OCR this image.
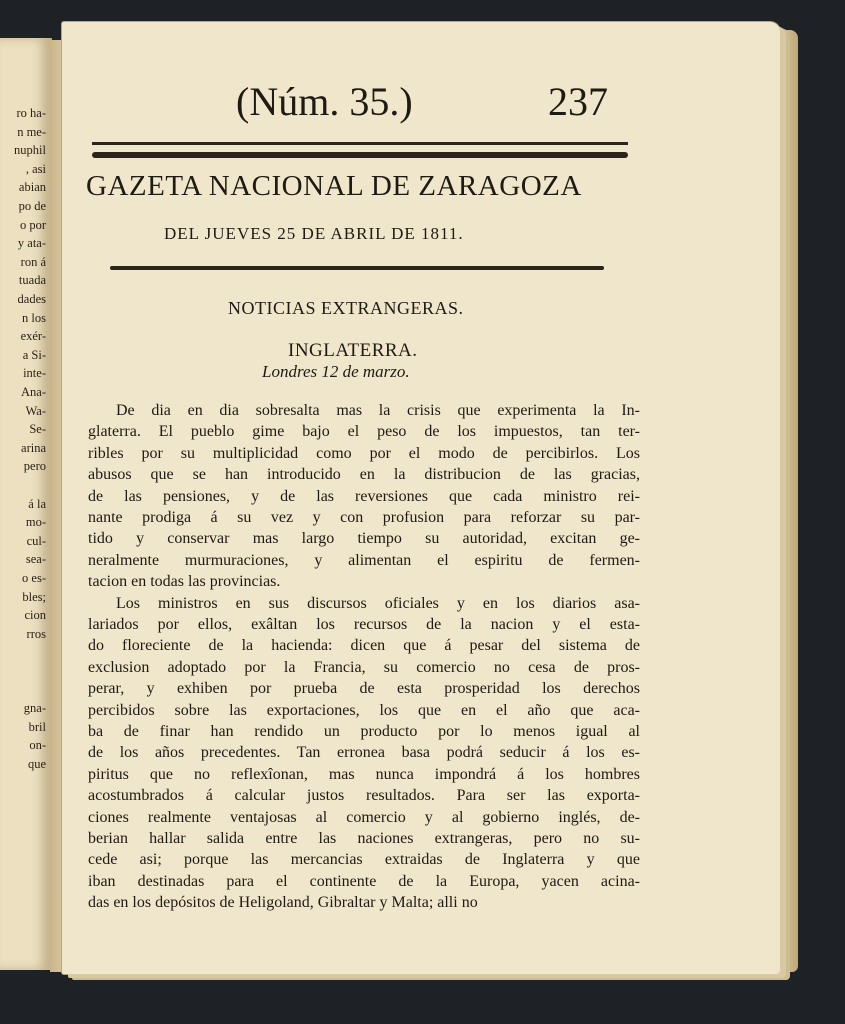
ro ha-
n me-
nuphil
, asi
abian
po de
o por
y ata-
ron á
tuada
dades
n los
exér-
a Si-
inte-
Ana-
Wa-
Se-
arina
pero
á la
mo-
cul-
sea-
o es-
bles;
cion
rros
gna-
bril
on-
que
(Núm. 35.)	237
GAZETA NACIONAL DE ZARAGOZA
DEL JUEVES 25 DE ABRIL DE 1811.
NOTICIAS EXTRANGERAS.
INGLATERRA.
Londres 12 de marzo.
De dia en dia sobresalta mas la crisis que experimenta la In-
glaterra. El pueblo gime bajo el peso de los impuestos, tan ter-
ribles por su multiplicidad como por el modo de percibirlos. Los
abusos que se han introducido en la distribucion de las gracias,
de las pensiones, y de las reversiones que cada ministro rei-
nante prodiga á su vez y con profusion para reforzar su par-
tido y conservar mas largo tiempo su autoridad, excitan ge-
neralmente murmuraciones, y alimentan el espiritu de fermen-
tacion en todas las provincias.
Los ministros en sus discursos oficiales y en los diarios asa-
lariados por ellos, exâltan los recursos de la nacion y el esta-
do floreciente de la hacienda: dicen que á pesar del sistema de
exclusion adoptado por la Francia, su comercio no cesa de pros-
perar, y exhiben por prueba de esta prosperidad los derechos
percibidos sobre las exportaciones, los que en el año que aca-
ba de finar han rendido un producto por lo menos igual al
de los años precedentes. Tan erronea basa podrá seducir á los es-
piritus que no reflexîonan, mas nunca impondrá á los hombres
acostumbrados á calcular justos resultados. Para ser las exporta-
ciones realmente ventajosas al comercio y al gobierno inglés, de-
berian hallar salida entre las naciones extrangeras, pero no su-
cede asi; porque las mercancias extraidas de Inglaterra y que
iban destinadas para el continente de la Europa, yacen acina-
das en los depósitos de Heligoland, Gibraltar y Malta; alli no
